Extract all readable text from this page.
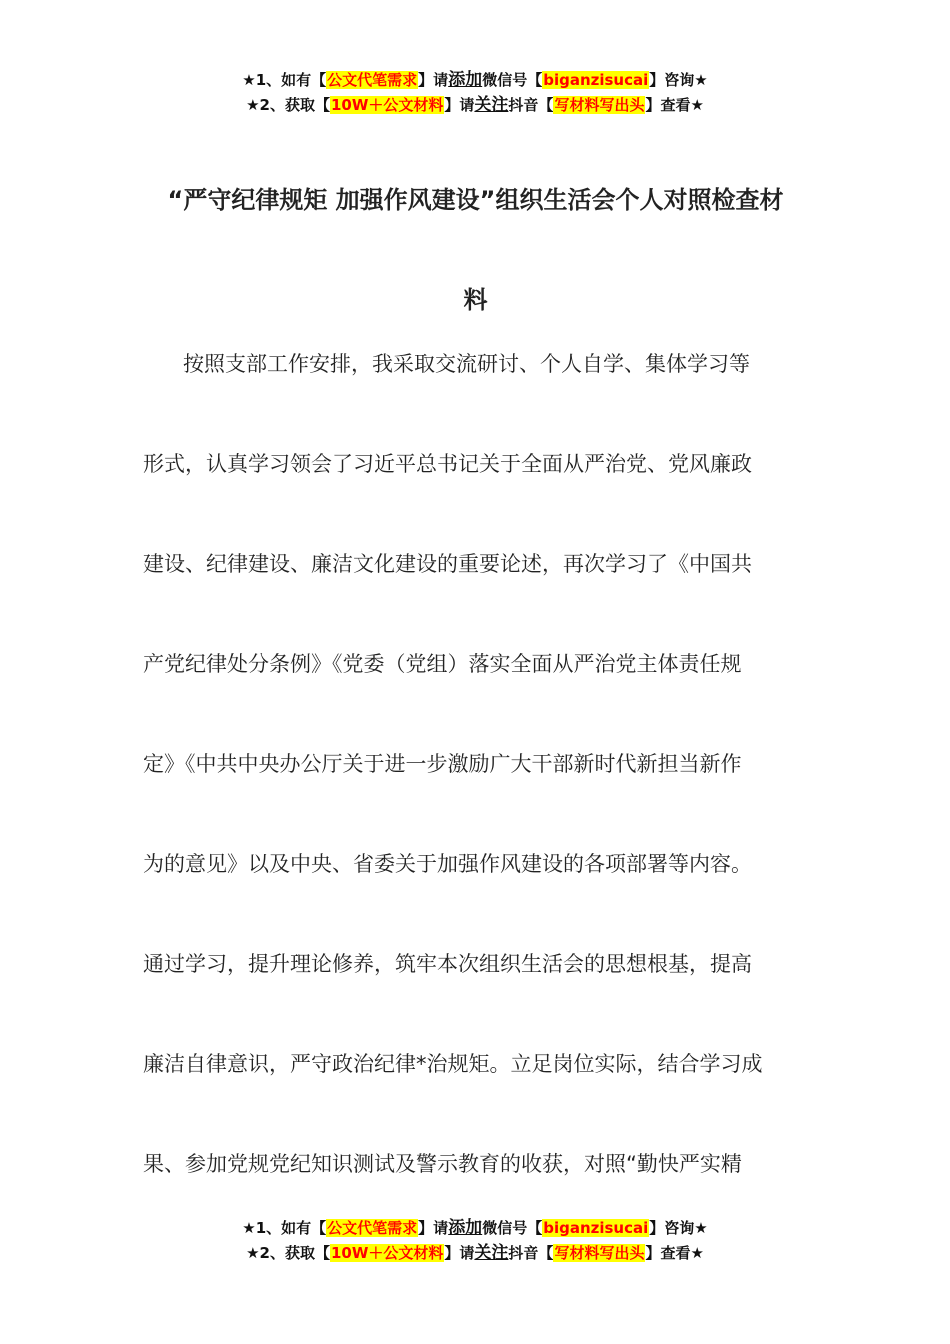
★1、如有【公文代笔需求】请添加微信号【biganzisucai】咨询★
★2、获取【10W＋公文材料】请关注抖音【写材料写出头】查看★
“严守纪律规矩 加强作风建设”组织生活会个人对照检查材
料
按照支部工作安排，我采取交流研讨、个人自学、集体学习等
形式，认真学习领会了习近平总书记关于全面从严治党、党风廉政
建设、纪律建设、廉洁文化建设的重要论述，再次学习了《中国共
产党纪律处分条例》《党委（党组）落实全面从严治党主体责任规
定》《中共中央办公厅关于进一步激励广大干部新时代新担当新作
为的意见》以及中央、省委关于加强作风建设的各项部署等内容。
通过学习，提升理论修养，筑牢本次组织生活会的思想根基，提高
廉洁自律意识，严守政治纪律*治规矩。立足岗位实际，结合学习成
果、参加党规党纪知识测试及警示教育的收获，对照“勤快严实精
★1、如有【公文代笔需求】请添加微信号【biganzisucai】咨询★
★2、获取【10W＋公文材料】请关注抖音【写材料写出头】查看★
